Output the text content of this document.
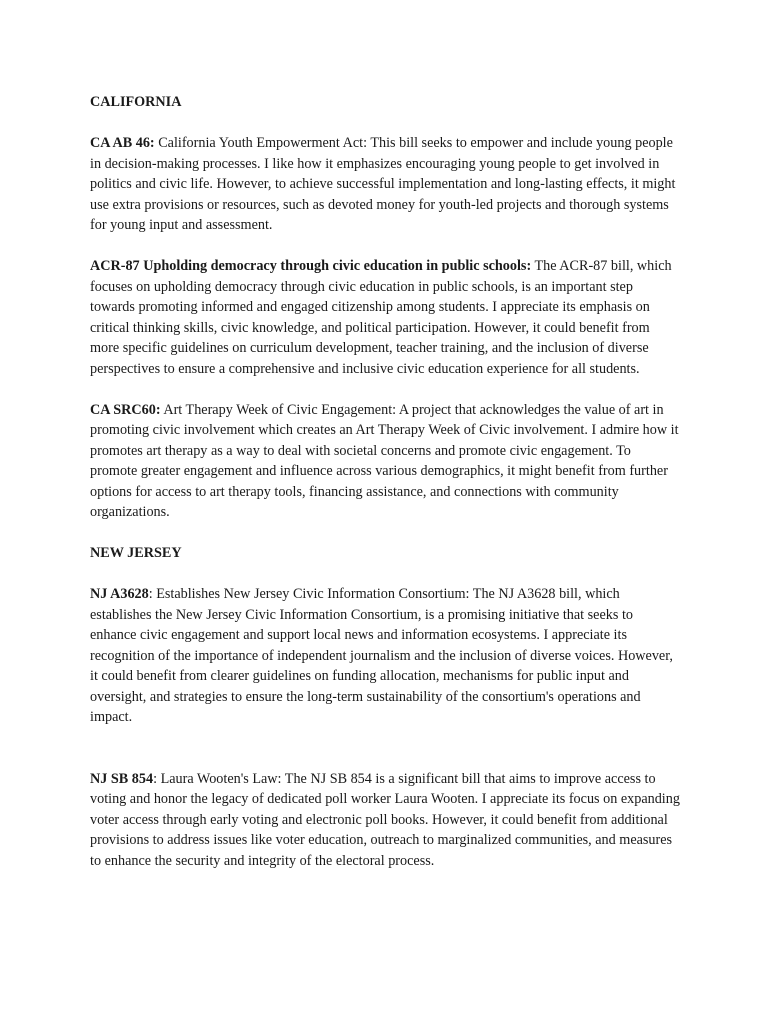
CALIFORNIA

CA AB 46: California Youth Empowerment Act: This bill seeks to empower and include young people in decision-making processes. I like how it emphasizes encouraging young people to get involved in politics and civic life. However, to achieve successful implementation and long-lasting effects, it might use extra provisions or resources, such as devoted money for youth-led projects and thorough systems for young input and assessment.

ACR-87 Upholding democracy through civic education in public schools: The ACR-87 bill, which focuses on upholding democracy through civic education in public schools, is an important step towards promoting informed and engaged citizenship among students. I appreciate its emphasis on critical thinking skills, civic knowledge, and political participation. However, it could benefit from more specific guidelines on curriculum development, teacher training, and the inclusion of diverse perspectives to ensure a comprehensive and inclusive civic education experience for all students.

CA SRC60: Art Therapy Week of Civic Engagement: A project that acknowledges the value of art in promoting civic involvement which creates an Art Therapy Week of Civic involvement. I admire how it promotes art therapy as a way to deal with societal concerns and promote civic engagement. To promote greater engagement and influence across various demographics, it might benefit from further options for access to art therapy tools, financing assistance, and connections with community organizations.

NEW JERSEY

NJ A3628: Establishes New Jersey Civic Information Consortium: The NJ A3628 bill, which establishes the New Jersey Civic Information Consortium, is a promising initiative that seeks to enhance civic engagement and support local news and information ecosystems. I appreciate its recognition of the importance of independent journalism and the inclusion of diverse voices. However, it could benefit from clearer guidelines on funding allocation, mechanisms for public input and oversight, and strategies to ensure the long-term sustainability of the consortium's operations and impact.

NJ SB 854: Laura Wooten's Law: The NJ SB 854 is a significant bill that aims to improve access to voting and honor the legacy of dedicated poll worker Laura Wooten. I appreciate its focus on expanding voter access through early voting and electronic poll books. However, it could benefit from additional provisions to address issues like voter education, outreach to marginalized communities, and measures to enhance the security and integrity of the electoral process.
